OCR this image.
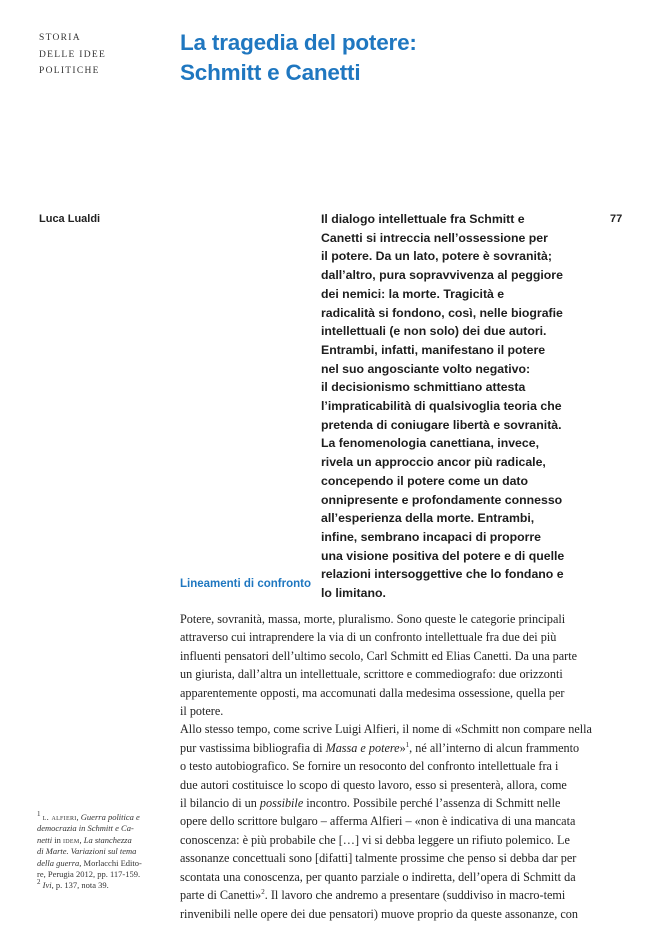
STORIA
DELLE IDEE
POLITICHE
La tragedia del potere:
Schmitt e Canetti
Luca Lualdi	77
Il dialogo intellettuale fra Schmitt e
Canetti si intreccia nell’ossessione per
il potere. Da un lato, potere è sovranità;
dall’altro, pura sopravvivenza al peggiore
dei nemici: la morte. Tragicità e
radicalità si fondono, così, nelle biografie
intellettuali (e non solo) dei due autori.
Entrambi, infatti, manifestano il potere
nel suo angosciante volto negativo:
il decisionismo schmittiano attesta
l’impraticabilità di qualsivoglia teoria che
pretenda di coniugare libertà e sovranità.
La fenomenologia canettiana, invece,
rivela un approccio ancor più radicale,
concependo il potere come un dato
onnipresente e profondamente connesso
all’esperienza della morte. Entrambi,
infine, sembrano incapaci di proporre
una visione positiva del potere e di quelle
relazioni intersoggettive che lo fondano e
lo limitano.
Lineamenti di confronto
Potere, sovranità, massa, morte, pluralismo. Sono queste le categorie principali
attraverso cui intraprendere la via di un confronto intellettuale fra due dei più
influenti pensatori dell’ultimo secolo, Carl Schmitt ed Elias Canetti. Da una parte
un giurista, dall’altra un intellettuale, scrittore e commediografo: due orizzonti
apparentemente opposti, ma accomunati dalla medesima ossessione, quella per
il potere.
Allo stesso tempo, come scrive Luigi Alfieri, il nome di «Schmitt non compare nella
pur vastissima bibliografia di Massa e potere»$^1$, né all’interno di alcun frammento
o testo autobiografico. Se fornire un resoconto del confronto intellettuale fra i
due autori costituisce lo scopo di questo lavoro, esso si presenterà, allora, come
il bilancio di un possibile incontro. Possibile perché l’assenza di Schmitt nelle
opere dello scrittore bulgaro – afferma Alfieri – «non è indicativa di una mancata
conoscenza: è più probabile che […] vi si debba leggere un rifiuto polemico. Le
assonanze concettuali sono [difatti] talmente prossime che penso si debba dar per
scontata una conoscenza, per quanto parziale o indiretta, dell’opera di Schmitt da
parte di Canetti»$^2$. Il lavoro che andremo a presentare (suddiviso in macro-temi
rinvenibili nelle opere dei due pensatori) muove proprio da queste assonanze, con
$^1$ l. alfieri, Guerra politica e
democrazia in Schmitt e Ca-
netti in idem, La stanchezza
di Marte. Variazioni sul tema
della guerra, Morlacchi Edito-
re, Perugia 2012, pp. 117-159.
$^2$ Ivi, p. 137, nota 39.
